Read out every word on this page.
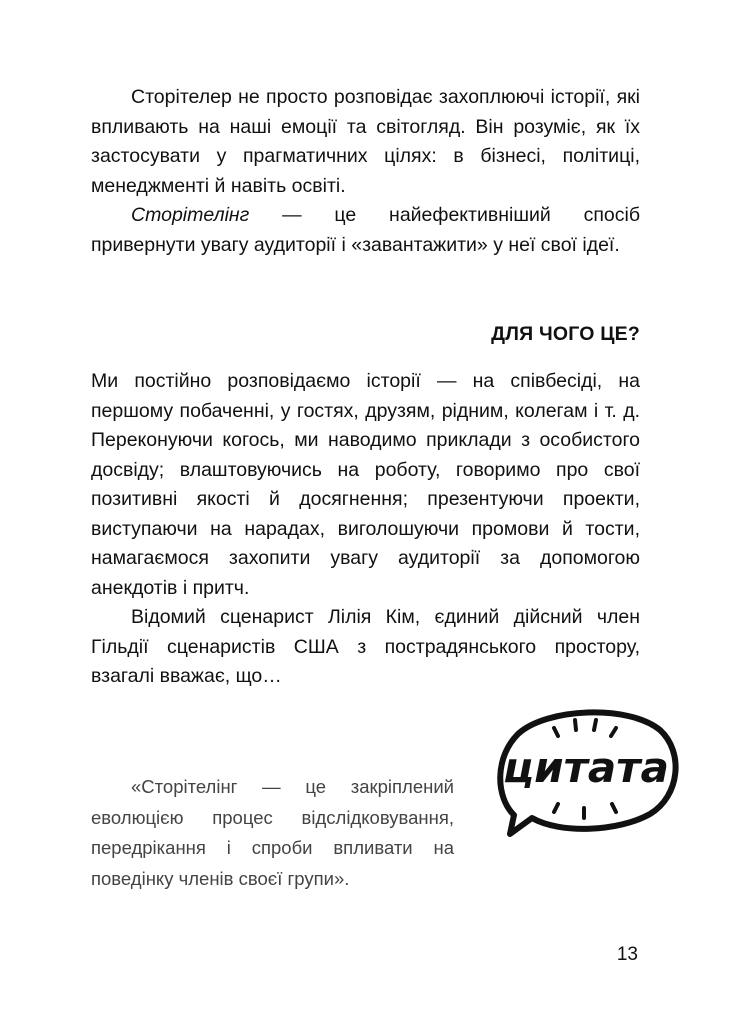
Сторітелер не просто розповідає захоплюючі історії, які впливають на наші емоції та світогляд. Він розуміє, як їх застосувати у прагматичних цілях: в бізнесі, політиці, менеджменті й навіть освіті.

Сторітелінг — це найефективніший спосіб привернути увагу аудиторії і «завантажити» у неї свої ідеї.

ДЛЯ ЧОГО ЦЕ?

Ми постійно розповідаємо історії — на співбесіді, на першому побаченні, у гостях, друзям, рідним, колегам і т. д. Переконуючи когось, ми наводимо приклади з особистого досвіду; влаштовуючись на роботу, говоримо про свої позитивні якості й досягнення; презентуючи проекти, виступаючи на нарадах, виголошуючи промови й тости, намагаємося захопити увагу аудиторії за допомогою анекдотів і притч.

Відомий сценарист Лілія Кім, єдиний дійсний член Гільдії сценаристів США з пострадянського простору, взагалі вважає, що…

цитата

«Сторітелінг — це закріплений еволюцією процес відслідковування, передрікання і спроби впливати на поведінку членів своєї групи».

13
